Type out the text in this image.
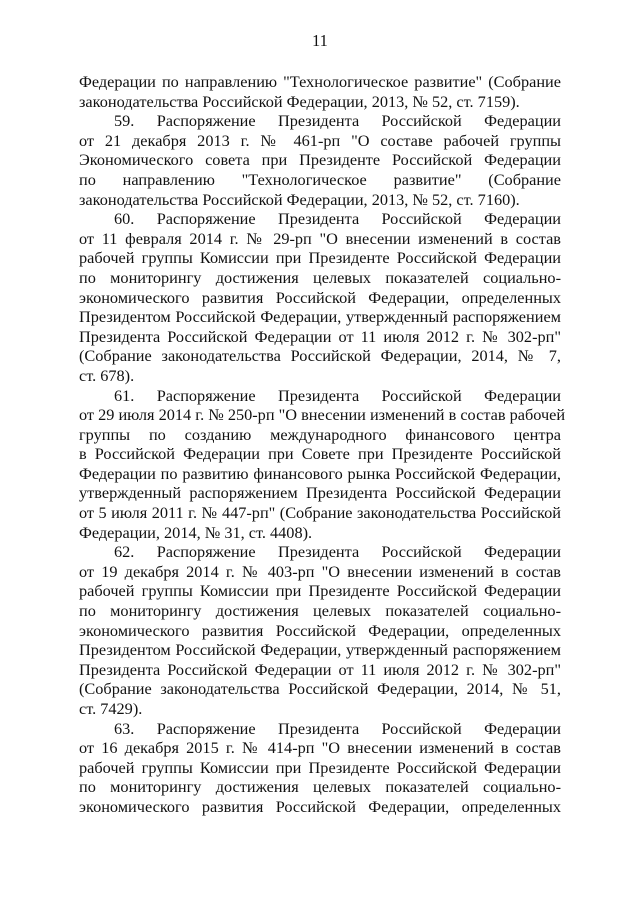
11
Федерации по направлению "Технологическое развитие" (Собрание
законодательства Российской Федерации, 2013, № 52, ст. 7159).
59. Распоряжение Президента Российской Федерации
от 21 декабря 2013 г. № 461-рп "О составе рабочей группы
Экономического совета при Президенте Российской Федерации
по направлению "Технологическое развитие" (Собрание
законодательства Российской Федерации, 2013, № 52, ст. 7160).
60. Распоряжение Президента Российской Федерации
от 11 февраля 2014 г. № 29-рп "О внесении изменений в состав
рабочей группы Комиссии при Президенте Российской Федерации
по мониторингу достижения целевых показателей социально-
экономического развития Российской Федерации, определенных
Президентом Российской Федерации, утвержденный распоряжением
Президента Российской Федерации от 11 июля 2012 г. № 302-рп"
(Собрание законодательства Российской Федерации, 2014, № 7,
ст. 678).
61. Распоряжение Президента Российской Федерации
от 29 июля 2014 г. № 250-рп "О внесении изменений в состав рабочей
группы по созданию международного финансового центра
в Российской Федерации при Совете при Президенте Российской
Федерации по развитию финансового рынка Российской Федерации,
утвержденный распоряжением Президента Российской Федерации
от 5 июля 2011 г. № 447-рп" (Собрание законодательства Российской
Федерации, 2014, № 31, ст. 4408).
62. Распоряжение Президента Российской Федерации
от 19 декабря 2014 г. № 403-рп "О внесении изменений в состав
рабочей группы Комиссии при Президенте Российской Федерации
по мониторингу достижения целевых показателей социально-
экономического развития Российской Федерации, определенных
Президентом Российской Федерации, утвержденный распоряжением
Президента Российской Федерации от 11 июля 2012 г. № 302-рп"
(Собрание законодательства Российской Федерации, 2014, № 51,
ст. 7429).
63. Распоряжение Президента Российской Федерации
от 16 декабря 2015 г. № 414-рп "О внесении изменений в состав
рабочей группы Комиссии при Президенте Российской Федерации
по мониторингу достижения целевых показателей социально-
экономического развития Российской Федерации, определенных
